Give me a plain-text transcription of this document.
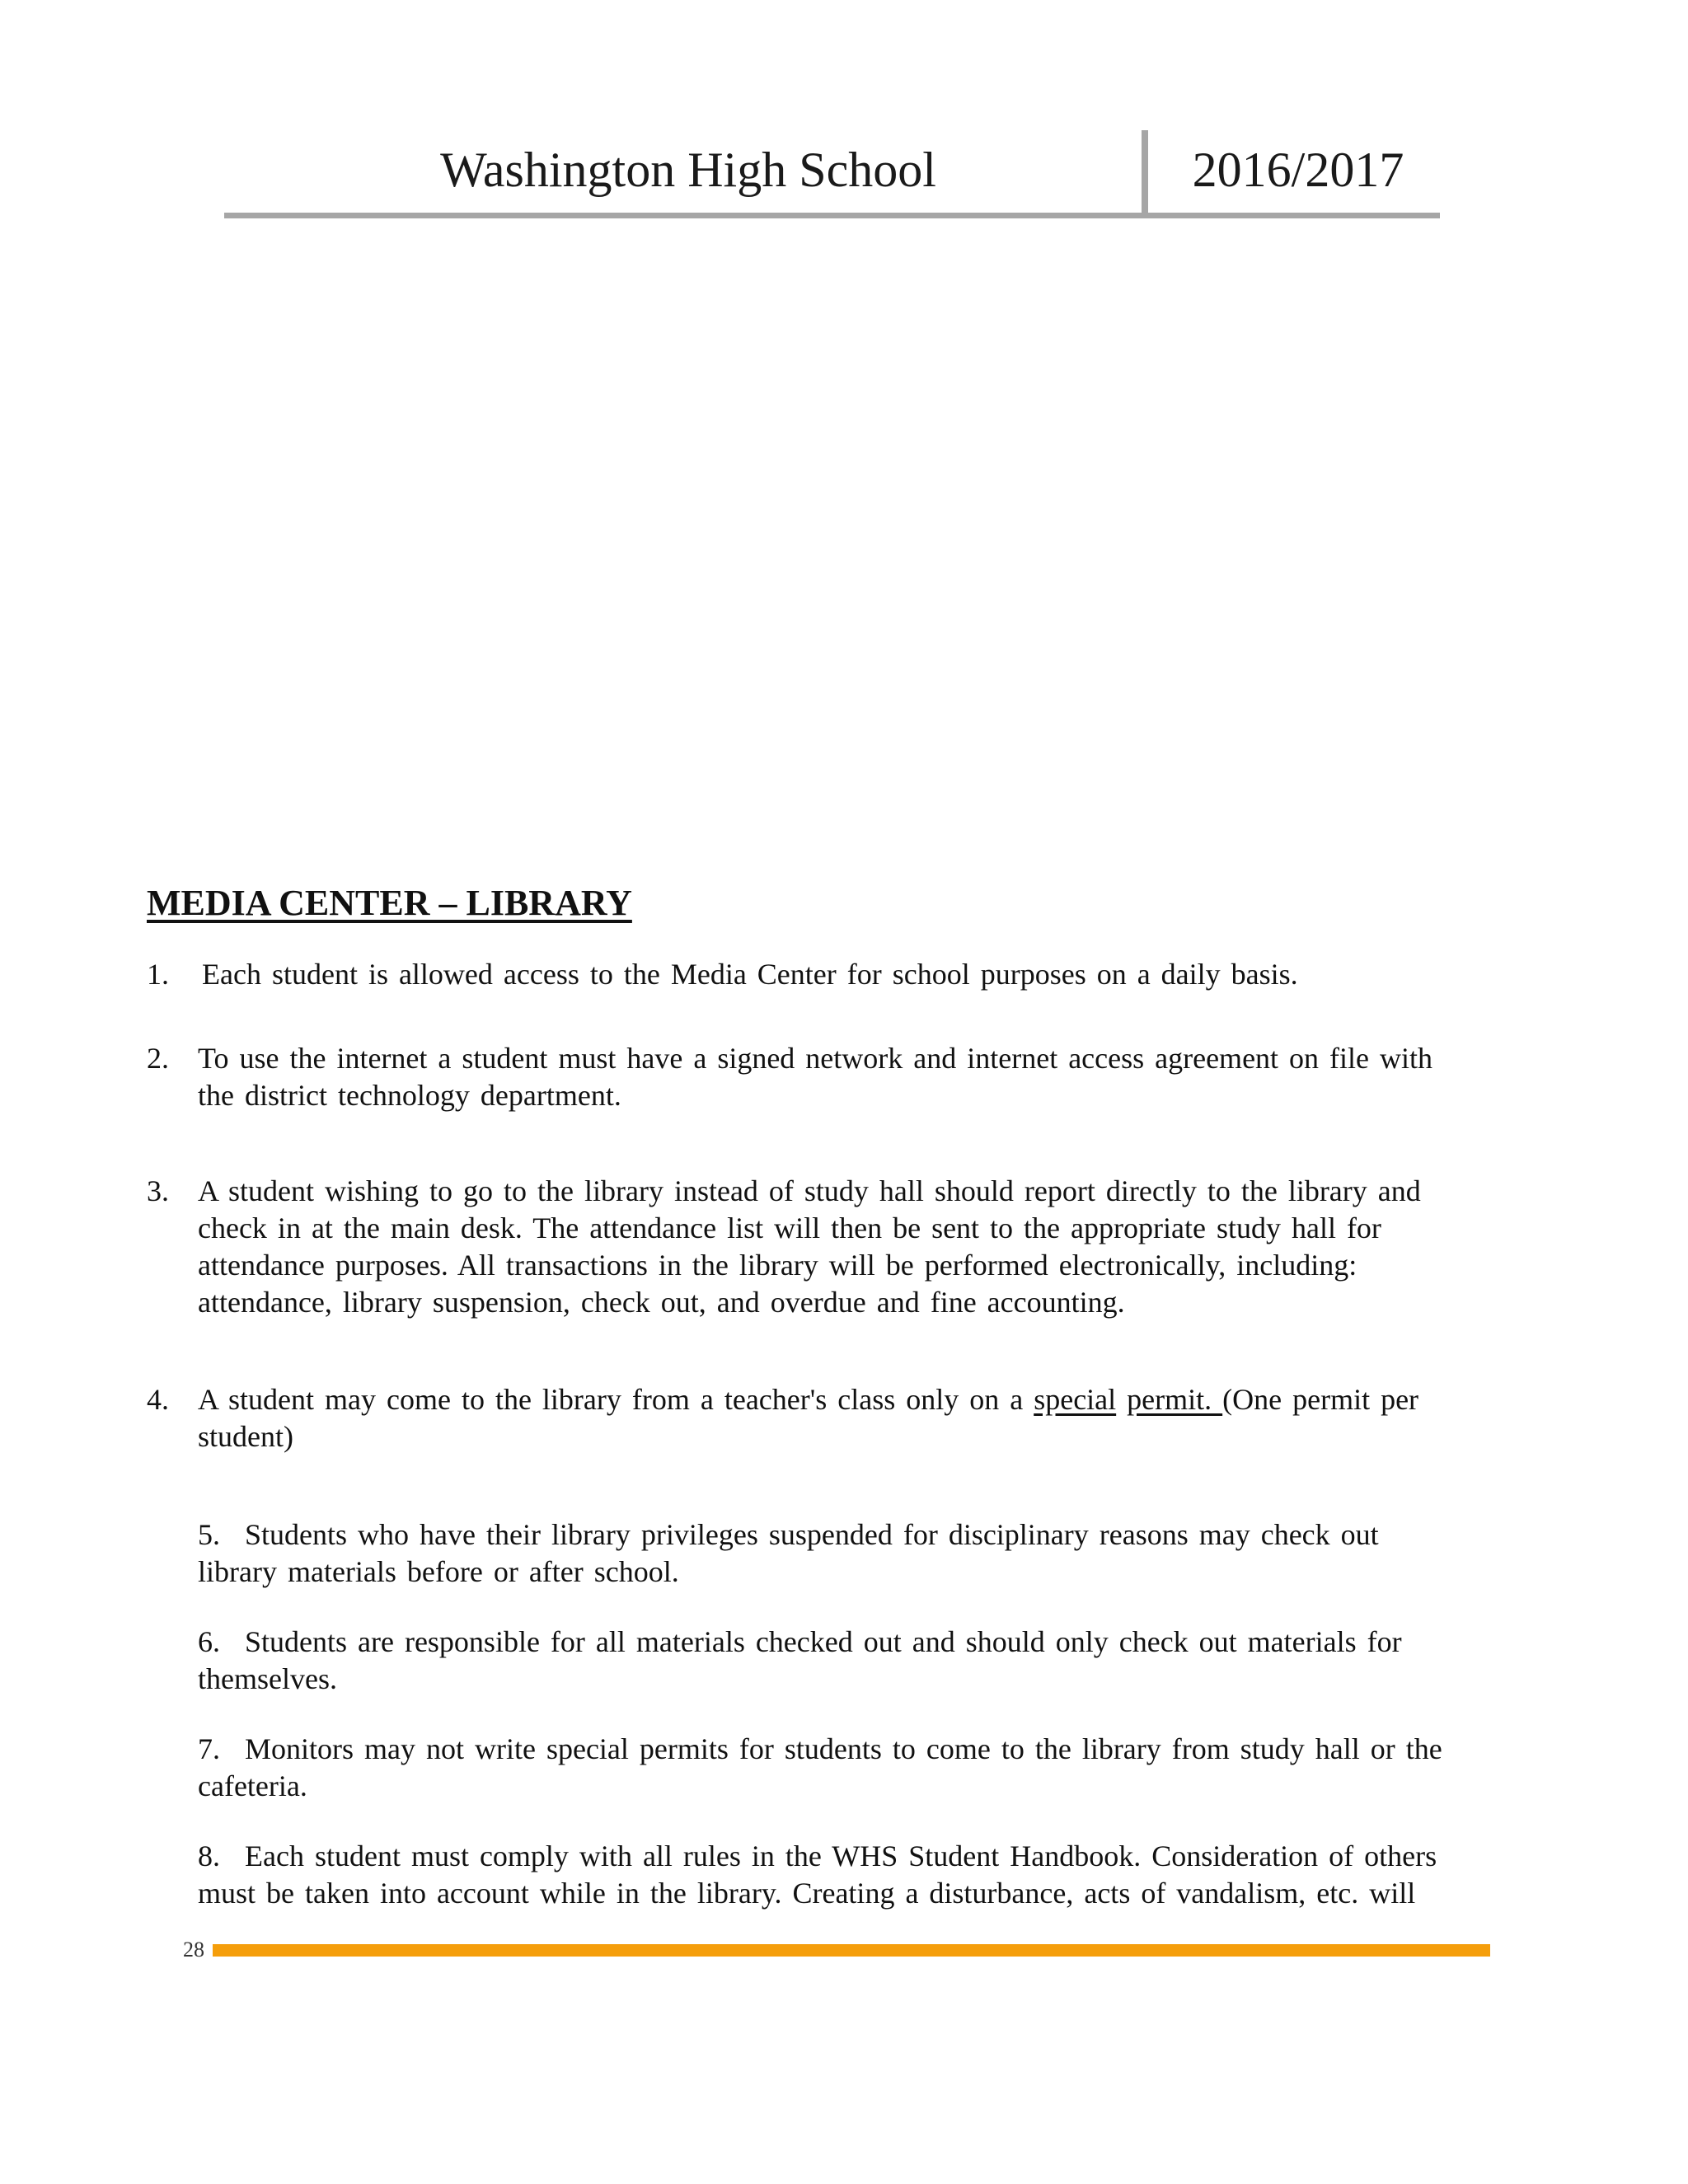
Washington High School	2016/2017
MEDIA CENTER – LIBRARY
1. Each student is allowed access to the Media Center for school purposes on a daily basis.
2. To use the internet a student must have a signed network and internet access agreement on file with
the district technology department.
3. A student wishing to go to the library instead of study hall should report directly to the library and
check in at the main desk. The attendance list will then be sent to the appropriate study hall for
attendance purposes. All transactions in the library will be performed electronically, including:
attendance, library suspension, check out, and overdue and fine accounting.
4. A student may come to the library from a teacher's class only on a special permit. (One permit per
student)
5. Students who have their library privileges suspended for disciplinary reasons may check out
library materials before or after school.
6. Students are responsible for all materials checked out and should only check out materials for
themselves.
7. Monitors may not write special permits for students to come to the library from study hall or the
cafeteria.
8. Each student must comply with all rules in the WHS Student Handbook. Consideration of others
must be taken into account while in the library. Creating a disturbance, acts of vandalism, etc. will
28
